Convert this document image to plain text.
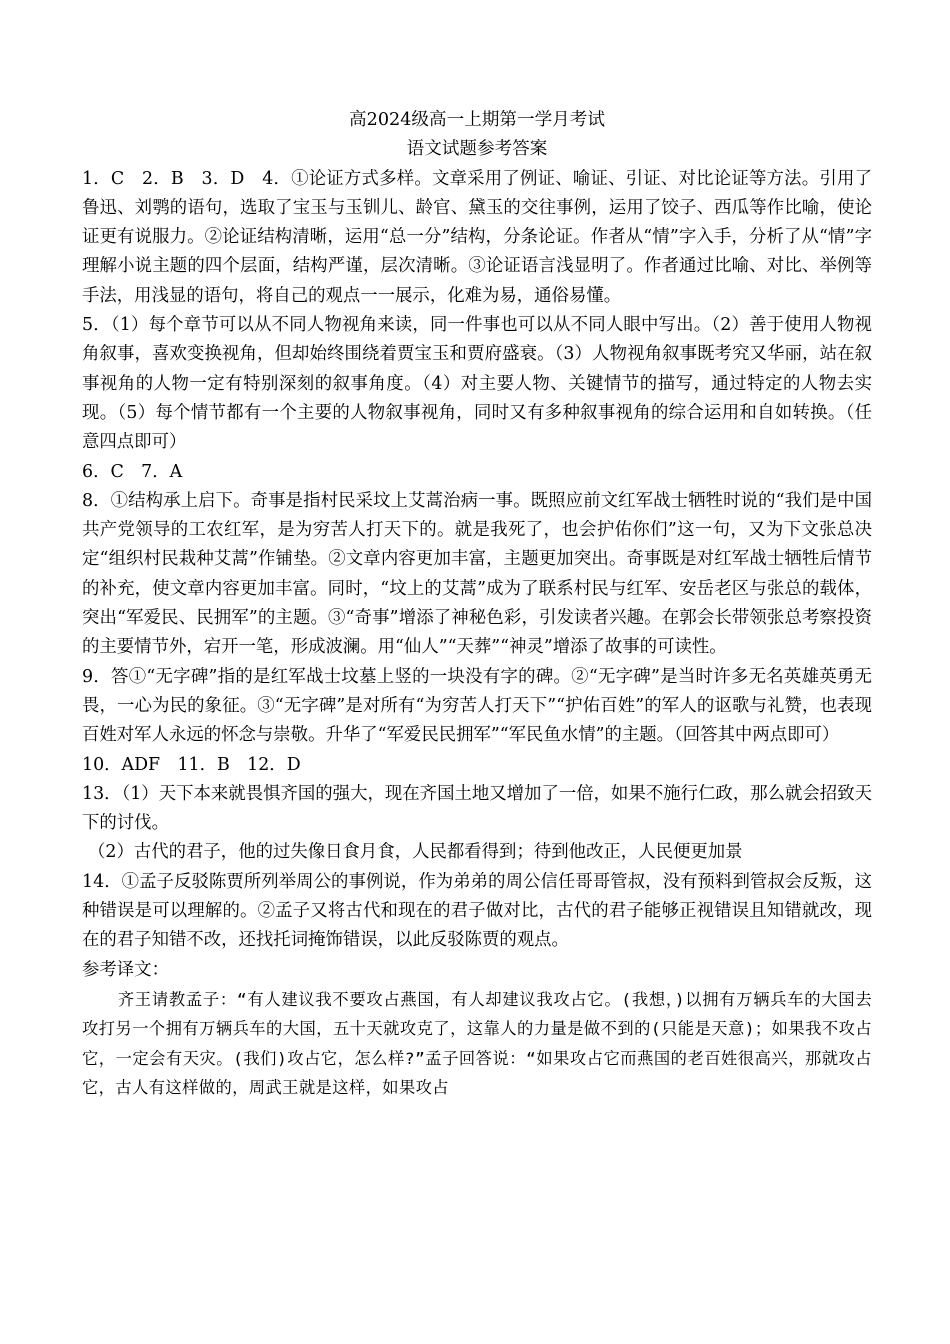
高2024级高一上期第一学月考试

语文试题参考答案

1．C　2．B　3．D　4．①论证方式多样。文章采用了例证、喻证、引证、对比论证等方法。引用了鲁迅、刘鹗的语句，选取了宝玉与玉钏儿、龄官、黛玉的交往事例，运用了饺子、西瓜等作比喻，使论证更有说服力。②论证结构清晰，运用“总一分”结构，分条论证。作者从“情”字入手，分析了从“情”字理解小说主题的四个层面，结构严谨，层次清晰。③论证语言浅显明了。作者通过比喻、对比、举例等手法，用浅显的语句，将自己的观点一一展示，化难为易，通俗易懂。

5．（1）每个章节可以从不同人物视角来读，同一件事也可以从不同人眼中写出。（2）善于使用人物视角叙事，喜欢变换视角，但却始终围绕着贾宝玉和贾府盛衰。（3）人物视角叙事既考究又华丽，站在叙事视角的人物一定有特别深刻的叙事角度。（4）对主要人物、关键情节的描写，通过特定的人物去实现。（5）每个情节都有一个主要的人物叙事视角，同时又有多种叙事视角的综合运用和自如转换。（任意四点即可）

6．C　7．A

8．①结构承上启下。奇事是指村民采坟上艾蒿治病一事。既照应前文红军战士牺牲时说的“我们是中国共产党领导的工农红军，是为穷苦人打天下的。就是我死了，也会护佑你们”这一句，又为下文张总决定“组织村民栽种艾蒿”作铺垫。②文章内容更加丰富，主题更加突出。奇事既是对红军战士牺牲后情节的补充，使文章内容更加丰富。同时，“坟上的艾蒿”成为了联系村民与红军、安岳老区与张总的载体，突出“军爱民、民拥军”的主题。③“奇事”增添了神秘色彩，引发读者兴趣。在郭会长带领张总考察投资的主要情节外，宕开一笔，形成波澜。用“仙人”“天葬”“神灵”增添了故事的可读性。

9．答①“无字碑”指的是红军战士坟墓上竖的一块没有字的碑。②“无字碑”是当时许多无名英雄英勇无畏，一心为民的象征。③“无字碑”是对所有“为穷苦人打天下”“护佑百姓”的军人的讴歌与礼赞，也表现百姓对军人永远的怀念与崇敬。升华了“军爱民民拥军”“军民鱼水情”的主题。（回答其中两点即可）

10．ADF　11．B　12．D

13．（1）天下本来就畏惧齐国的强大，现在齐国土地又增加了一倍，如果不施行仁政，那么就会招致天下的讨伐。

（2）古代的君子，他的过失像日食月食，人民都看得到；待到他改正，人民便更加景

14．①孟子反驳陈贾所列举周公的事例说，作为弟弟的周公信任哥哥管叔，没有预料到管叔会反叛，这种错误是可以理解的。②孟子又将古代和现在的君子做对比，古代的君子能够正视错误且知错就改，现在的君子知错不改，还找托词掩饰错误，以此反驳陈贾的观点。

参考译文：

齐王请教孟子：“有人建议我不要攻占燕国，有人却建议我攻占它。(我想，)以拥有万辆兵车的大国去攻打另一个拥有万辆兵车的大国，五十天就攻克了，这靠人的力量是做不到的(只能是天意)；如果我不攻占它，一定会有天灾。(我们)攻占它，怎么样?”孟子回答说：“如果攻占它而燕国的老百姓很高兴，那就攻占它，古人有这样做的，周武王就是这样，如果攻占
